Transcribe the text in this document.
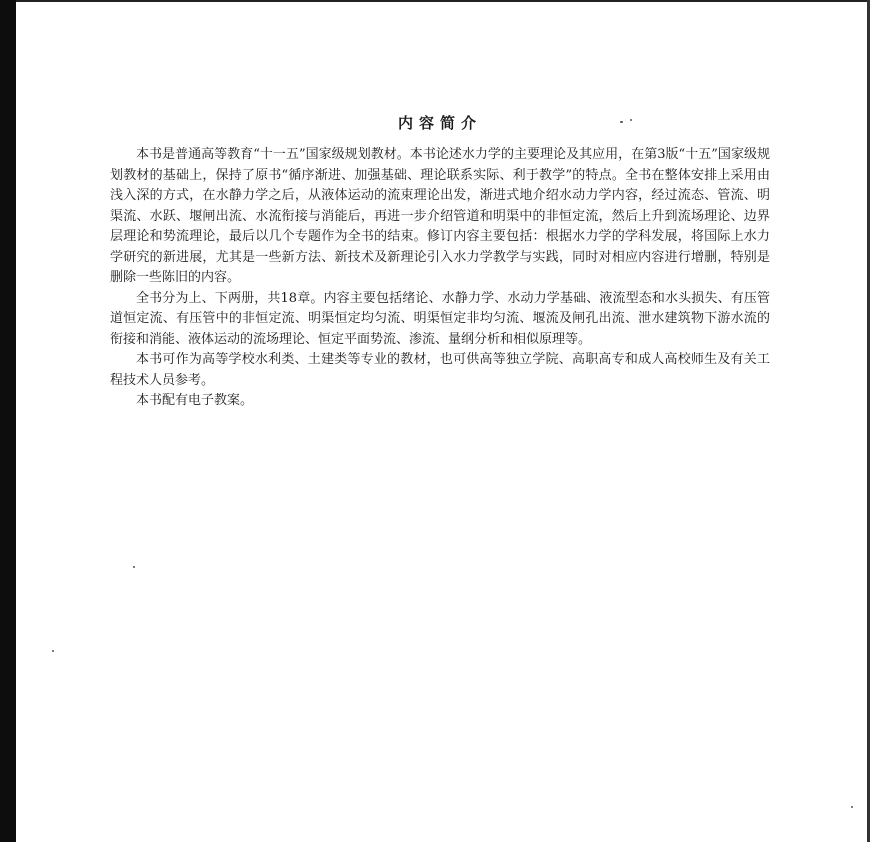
内容简介

本书是普通高等教育“十一五”国家级规划教材。本书论述水力学的主要理论及其应用，在第3版“十五”国家级规划教材的基础上，保持了原书“循序渐进、加强基础、理论联系实际、利于教学”的特点。全书在整体安排上采用由浅入深的方式，在水静力学之后，从液体运动的流束理论出发，渐进式地介绍水动力学内容，经过流态、管流、明渠流、水跃、堰闸出流、水流衔接与消能后，再进一步介绍管道和明渠中的非恒定流，然后上升到流场理论、边界层理论和势流理论，最后以几个专题作为全书的结束。修订内容主要包括：根据水力学的学科发展，将国际上水力学研究的新进展，尤其是一些新方法、新技术及新理论引入水力学教学与实践，同时对相应内容进行增删，特别是删除一些陈旧的内容。

全书分为上、下两册，共18章。内容主要包括绪论、水静力学、水动力学基础、液流型态和水头损失、有压管道恒定流、有压管中的非恒定流、明渠恒定均匀流、明渠恒定非均匀流、堰流及闸孔出流、泄水建筑物下游水流的衔接和消能、液体运动的流场理论、恒定平面势流、渗流、量纲分析和相似原理等。

本书可作为高等学校水利类、土建类等专业的教材，也可供高等独立学院、高职高专和成人高校师生及有关工程技术人员参考。

本书配有电子教案。
